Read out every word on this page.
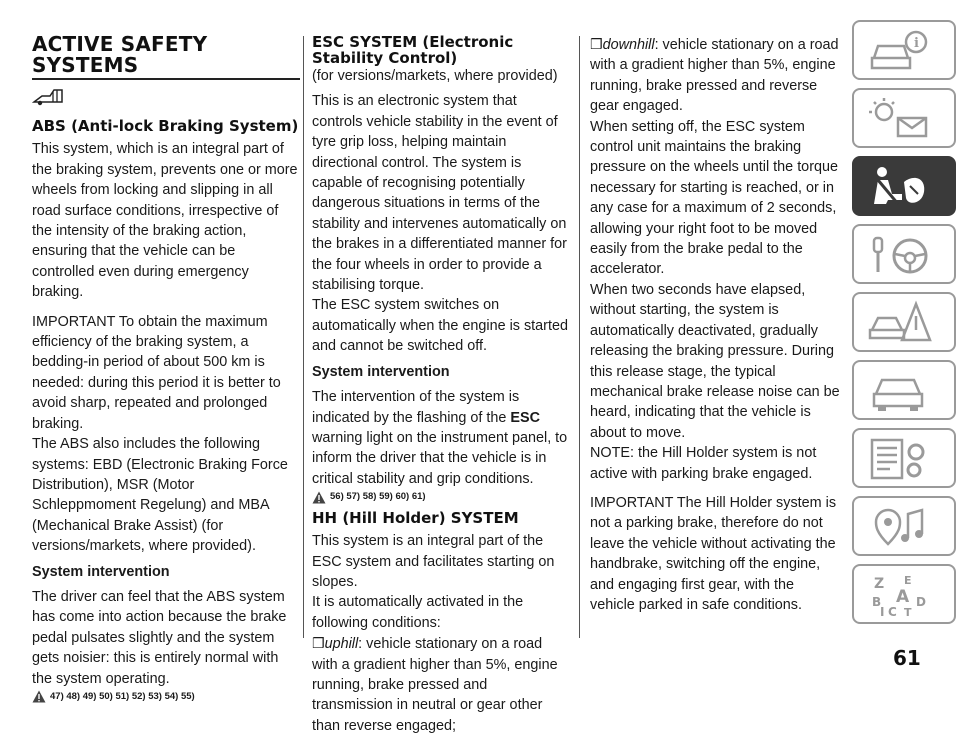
ACTIVE SAFETY SYSTEMS
ABS (Anti-lock Braking System)

This system, which is an integral part of the braking system, prevents one or more wheels from locking and slipping in all road surface conditions, irrespective of the intensity of the braking action, ensuring that the vehicle can be controlled even during emergency braking.

IMPORTANT To obtain the maximum efficiency of the braking system, a bedding-in period of about 500 km is needed: during this period it is better to avoid sharp, repeated and prolonged braking.

The ABS also includes the following systems: EBD (Electronic Braking Force Distribution), MSR (Motor Schleppmoment Regelung) and MBA (Mechanical Brake Assist) (for versions/markets, where provided).

System intervention

The driver can feel that the ABS system has come into action because the brake pedal pulsates slightly and the system gets noisier: this is entirely normal with the system operating.

47) 48) 49) 50) 51) 52) 53) 54) 55)
ESC SYSTEM (Electronic Stability Control)

(for versions/markets, where provided)

This is an electronic system that controls vehicle stability in the event of tyre grip loss, helping maintain directional control. The system is capable of recognising potentially dangerous situations in terms of the stability and intervenes automatically on the brakes in a differentiated manner for the four wheels in order to provide a stabilising torque.

The ESC system switches on automatically when the engine is started and cannot be switched off.

System intervention

The intervention of the system is indicated by the flashing of the ESC warning light on the instrument panel, to inform the driver that the vehicle is in critical stability and grip conditions.

56) 57) 58) 59) 60) 61)
HH (Hill Holder) SYSTEM

This system is an integral part of the ESC system and facilitates starting on slopes.

It is automatically activated in the following conditions:

❒uphill: vehicle stationary on a road with a gradient higher than 5%, engine running, brake pressed and transmission in neutral or gear other than reverse engaged;

❒downhill: vehicle stationary on a road with a gradient higher than 5%, engine running, brake pressed and reverse gear engaged.

When setting off, the ESC system control unit maintains the braking pressure on the wheels until the torque necessary for starting is reached, or in any case for a maximum of 2 seconds, allowing your right foot to be moved easily from the brake pedal to the accelerator.

When two seconds have elapsed, without starting, the system is automatically deactivated, gradually releasing the braking pressure. During this release stage, the typical mechanical brake release noise can be heard, indicating that the vehicle is about to move.

NOTE: the Hill Holder system is not active with parking brake engaged.

IMPORTANT The Hill Holder system is not a parking brake, therefore do not leave the vehicle without activating the handbrake, switching off the engine, and engaging first gear, with the vehicle parked in safe conditions.

i
Z E
A
B
I C T
D
61
